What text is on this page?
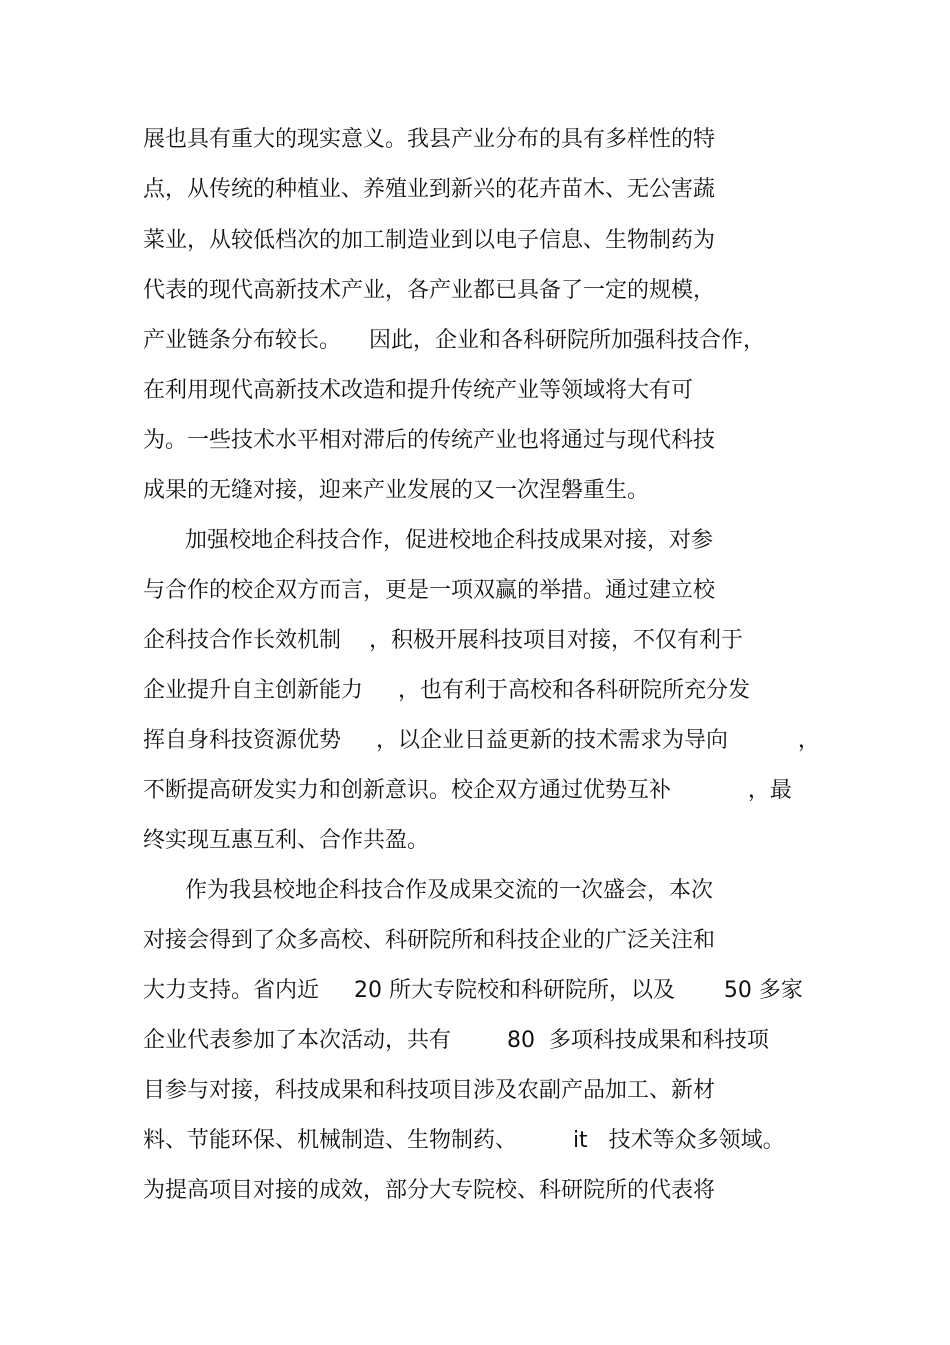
展也具有重大的现实意义。我县产业分布的具有多样性的特
点，从传统的种植业、养殖业到新兴的花卉苗木、无公害蔬
菜业，从较低档次的加工制造业到以电子信息、生物制药为
代表的现代高新技术产业，各产业都已具备了一定的规模，
产业链条分布较长。    因此，企业和各科研院所加强科技合作，
在利用现代高新技术改造和提升传统产业等领域将大有可
为。一些技术水平相对滞后的传统产业也将通过与现代科技
成果的无缝对接，迎来产业发展的又一次涅磐重生。
加强校地企科技合作，促进校地企科技成果对接，对参
与合作的校企双方而言，更是一项双赢的举措。通过建立校
企科技合作长效机制    ，积极开展科技项目对接，不仅有利于
企业提升自主创新能力     ，也有利于高校和各科研院所充分发
挥自身科技资源优势     ，以企业日益更新的技术需求为导向          ，
不断提高研发实力和创新意识。校企双方通过优势互补           ，最
终实现互惠互利、合作共盈。
作为我县校地企科技合作及成果交流的一次盛会，本次
对接会得到了众多高校、科研院所和科技企业的广泛关注和
大力支持。省内近     20 所大专院校和科研院所，以及       50 多家
企业代表参加了本次活动，共有        80  多项科技成果和科技项
目参与对接，科技成果和科技项目涉及农副产品加工、新材
料、节能环保、机械制造、生物制药、        it   技术等众多领域。
为提高项目对接的成效，部分大专院校、科研院所的代表将
